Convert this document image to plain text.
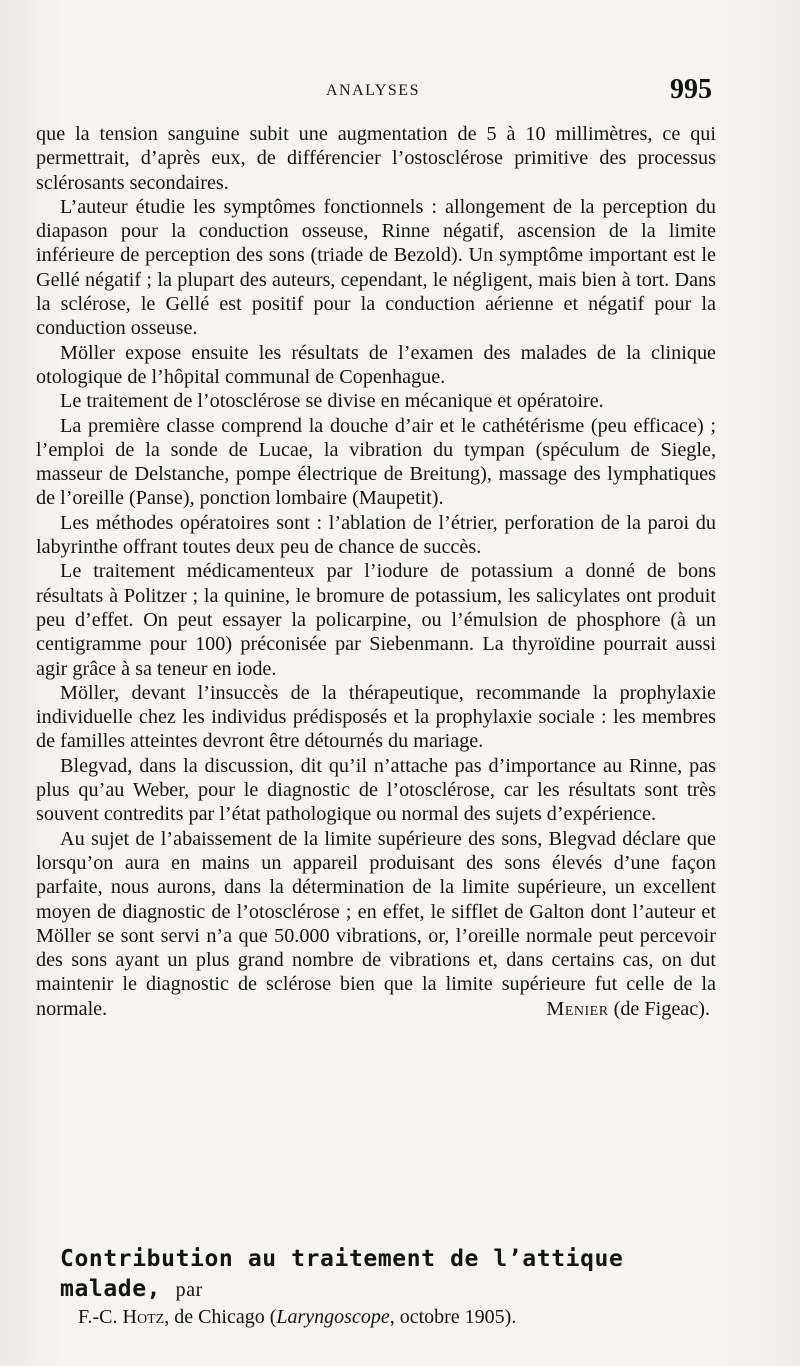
ANALYSES	995

que la tension sanguine subit une augmentation de 5 à 10 millimètres, ce qui permettrait, d’après eux, de différencier l’ostosclérose primitive des processus sclérosants secondaires.

L’auteur étudie les symptômes fonctionnels : allongement de la perception du diapason pour la conduction osseuse, Rinne négatif, ascension de la limite inférieure de perception des sons (triade de Bezold). Un symptôme important est le Gellé négatif ; la plupart des auteurs, cependant, le négligent, mais bien à tort. Dans la sclérose, le Gellé est positif pour la conduction aérienne et négatif pour la conduction osseuse.

Möller expose ensuite les résultats de l’examen des malades de la clinique otologique de l’hôpital communal de Copenhague.

Le traitement de l’otosclérose se divise en mécanique et opératoire.

La première classe comprend la douche d’air et le cathétérisme (peu efficace) ; l’emploi de la sonde de Lucae, la vibration du tympan (spéculum de Siegle, masseur de Delstanche, pompe électrique de Breitung), massage des lymphatiques de l’oreille (Panse), ponction lombaire (Maupetit).

Les méthodes opératoires sont : l’ablation de l’étrier, perforation de la paroi du labyrinthe offrant toutes deux peu de chance de succès.

Le traitement médicamenteux par l’iodure de potassium a donné de bons résultats à Politzer ; la quinine, le bromure de potassium, les salicylates ont produit peu d’effet. On peut essayer la policarpine, ou l’émulsion de phosphore (à un centigramme pour 100) préconisée par Siebenmann. La thyroïdine pourrait aussi agir grâce à sa teneur en iode.

Möller, devant l’insuccès de la thérapeutique, recommande la prophylaxie individuelle chez les individus prédisposés et la prophylaxie sociale : les membres de familles atteintes devront être détournés du mariage.

Blegvad, dans la discussion, dit qu’il n’attache pas d’importance au Rinne, pas plus qu’au Weber, pour le diagnostic de l’otosclérose, car les résultats sont très souvent contredits par l’état pathologique ou normal des sujets d’expérience.

Au sujet de l’abaissement de la limite supérieure des sons, Blegvad déclare que lorsqu’on aura en mains un appareil produisant des sons élevés d’une façon parfaite, nous aurons, dans la détermination de la limite supérieure, un excellent moyen de diagnostic de l’otosclérose ; en effet, le sifflet de Galton dont l’auteur et Möller se sont servi n’a que 50.000 vibrations, or, l’oreille normale peut percevoir des sons ayant un plus grand nombre de vibrations et, dans certains cas, on dut maintenir le diagnostic de sclérose bien que la limite supérieure fut celle de la normale.	Menier (de Figeac).

Contribution au traitement de l’attique malade, par

F.-C. Hotz, de Chicago (Laryngoscope, octobre 1905).
